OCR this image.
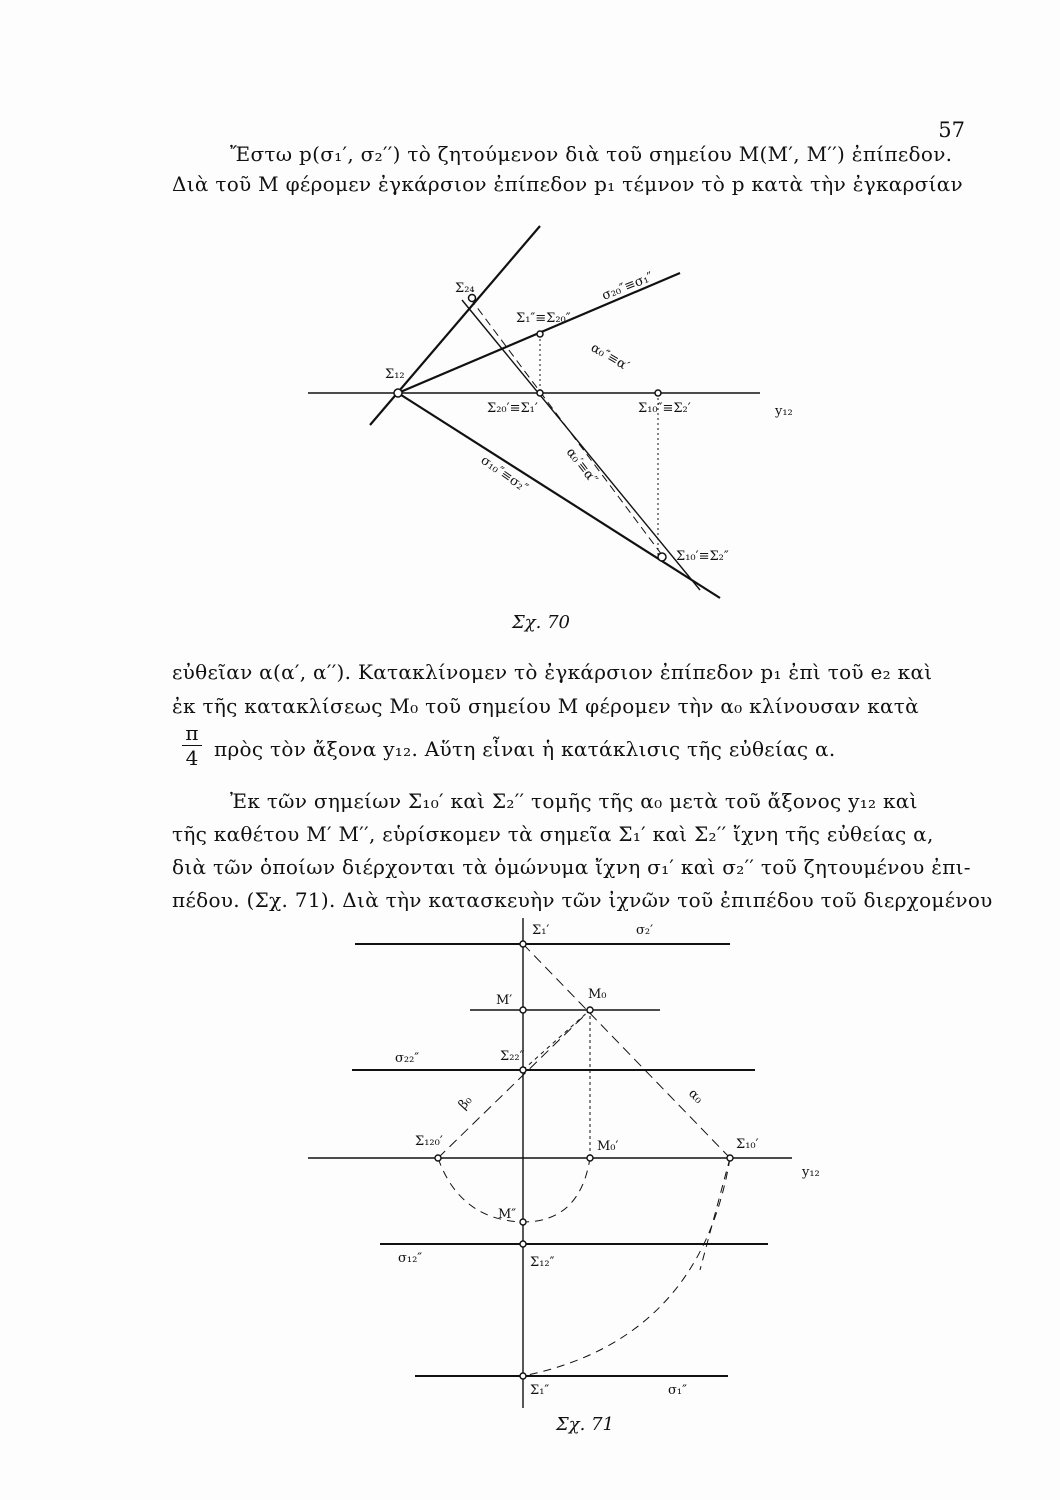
57
Ἔστω p(σ₁′, σ₂′′) τὸ ζητούμενον διὰ τοῦ σημείου M(M′, M′′) ἐπίπεδον.
Διὰ τοῦ M φέρομεν ἐγκάρσιον ἐπίπεδον p₁ τέμνον τὸ p κατὰ τὴν ἐγκαρσίαν
Σ₂₄
Σ₁₂
Σ₁″≡Σ₂₀″
Σ₂₀′≡Σ₁′	Σ₁₀″≡Σ₂′
Σ₁₀′≡Σ₂″
σ₂₀″≡σ₁″
α₀″≡α′
α₀′≡α″
σ₁₀″≡σ₂″
y₁₂
Σχ. 70
εὐθεῖαν α(α′, α′′). Κατακλίνομεν τὸ ἐγκάρσιον ἐπίπεδον p₁ ἐπὶ τοῦ e₂ καὶ
ἐκ τῆς κατακλίσεως M₀ τοῦ σημείου M φέρομεν τὴν α₀ κλίνουσαν κατὰ
π
4 πρὸς τὸν ἄξονα y₁₂. Αὕτη εἶναι ἡ κατάκλισις τῆς εὐθείας α.
Ἐκ τῶν σημείων Σ₁₀′ καὶ Σ₂′′ τομῆς τῆς α₀ μετὰ τοῦ ἄξονος y₁₂ καὶ
τῆς καθέτου M′ M′′, εὑρίσκομεν τὰ σημεῖα Σ₁′ καὶ Σ₂′′ ἴχνη τῆς εὐθείας α,
διὰ τῶν ὁποίων διέρχονται τὰ ὁμώνυμα ἴχνη σ₁′ καὶ σ₂′′ τοῦ ζητουμένου ἐπι-
πέδου. (Σχ. 71). Διὰ τὴν κατασκευὴν τῶν ἰχνῶν τοῦ ἐπιπέδου τοῦ διερχομένου
Σ₁′	σ₂′
M′	M₀
σ₂₂″	Σ₂₂″
β₀	α₀
Σ₁₂₀′	M₀′	Σ₁₀′
y₁₂
M″
σ₁₂″	Σ₁₂″
Σ₁″	σ₁″
Σχ. 71
